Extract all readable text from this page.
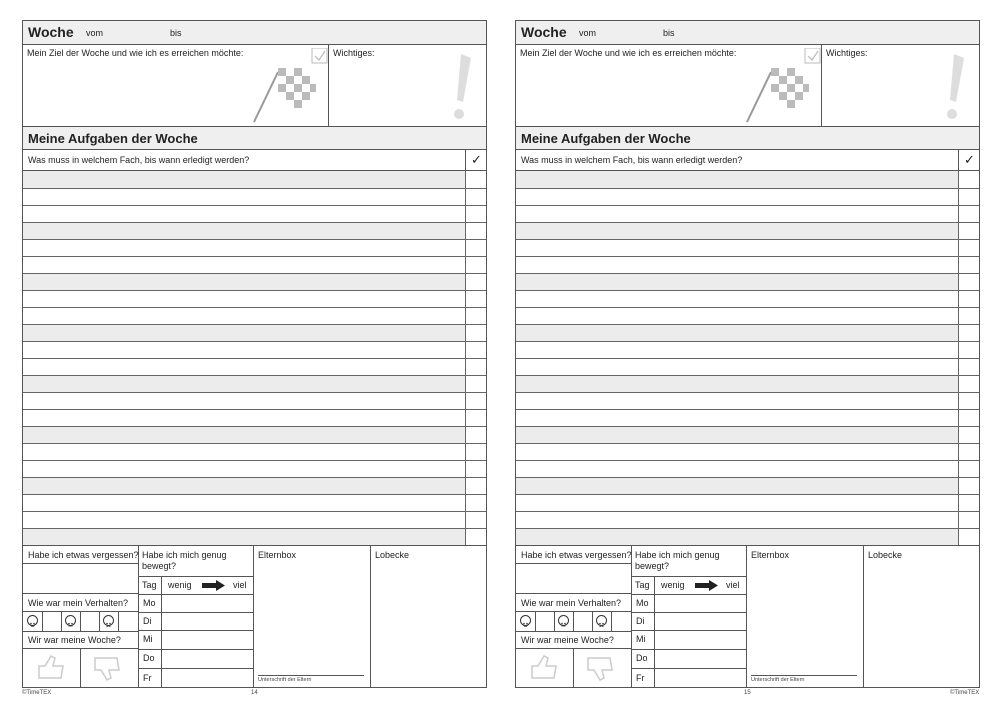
Woche vom	bis
Mein Ziel der Woche und wie ich es erreichen möchte:	Wichtiges:
Meine Aufgaben der Woche
Was muss in welchem Fach, bis wann erledigt werden?	✓
Habe ich etwas vergessen?
Wie war mein Verhalten?
Wir war meine Woche?
Habe ich mich genug bewegt?
Tag wenig	viel
Mo
Di
Mi
Do
Fr
Elternbox
Unterschrift der Eltern
Lobecke
©TimeTEX	14
Woche vom	bis
Mein Ziel der Woche und wie ich es erreichen möchte:	Wichtiges:
Meine Aufgaben der Woche
Was muss in welchem Fach, bis wann erledigt werden?	✓
Habe ich etwas vergessen?
Wie war mein Verhalten?
Wir war meine Woche?
Habe ich mich genug bewegt?
Tag wenig	viel
Mo
Di
Mi
Do
Fr
Elternbox
Unterschrift der Eltern
Lobecke
15	©TimeTEX
